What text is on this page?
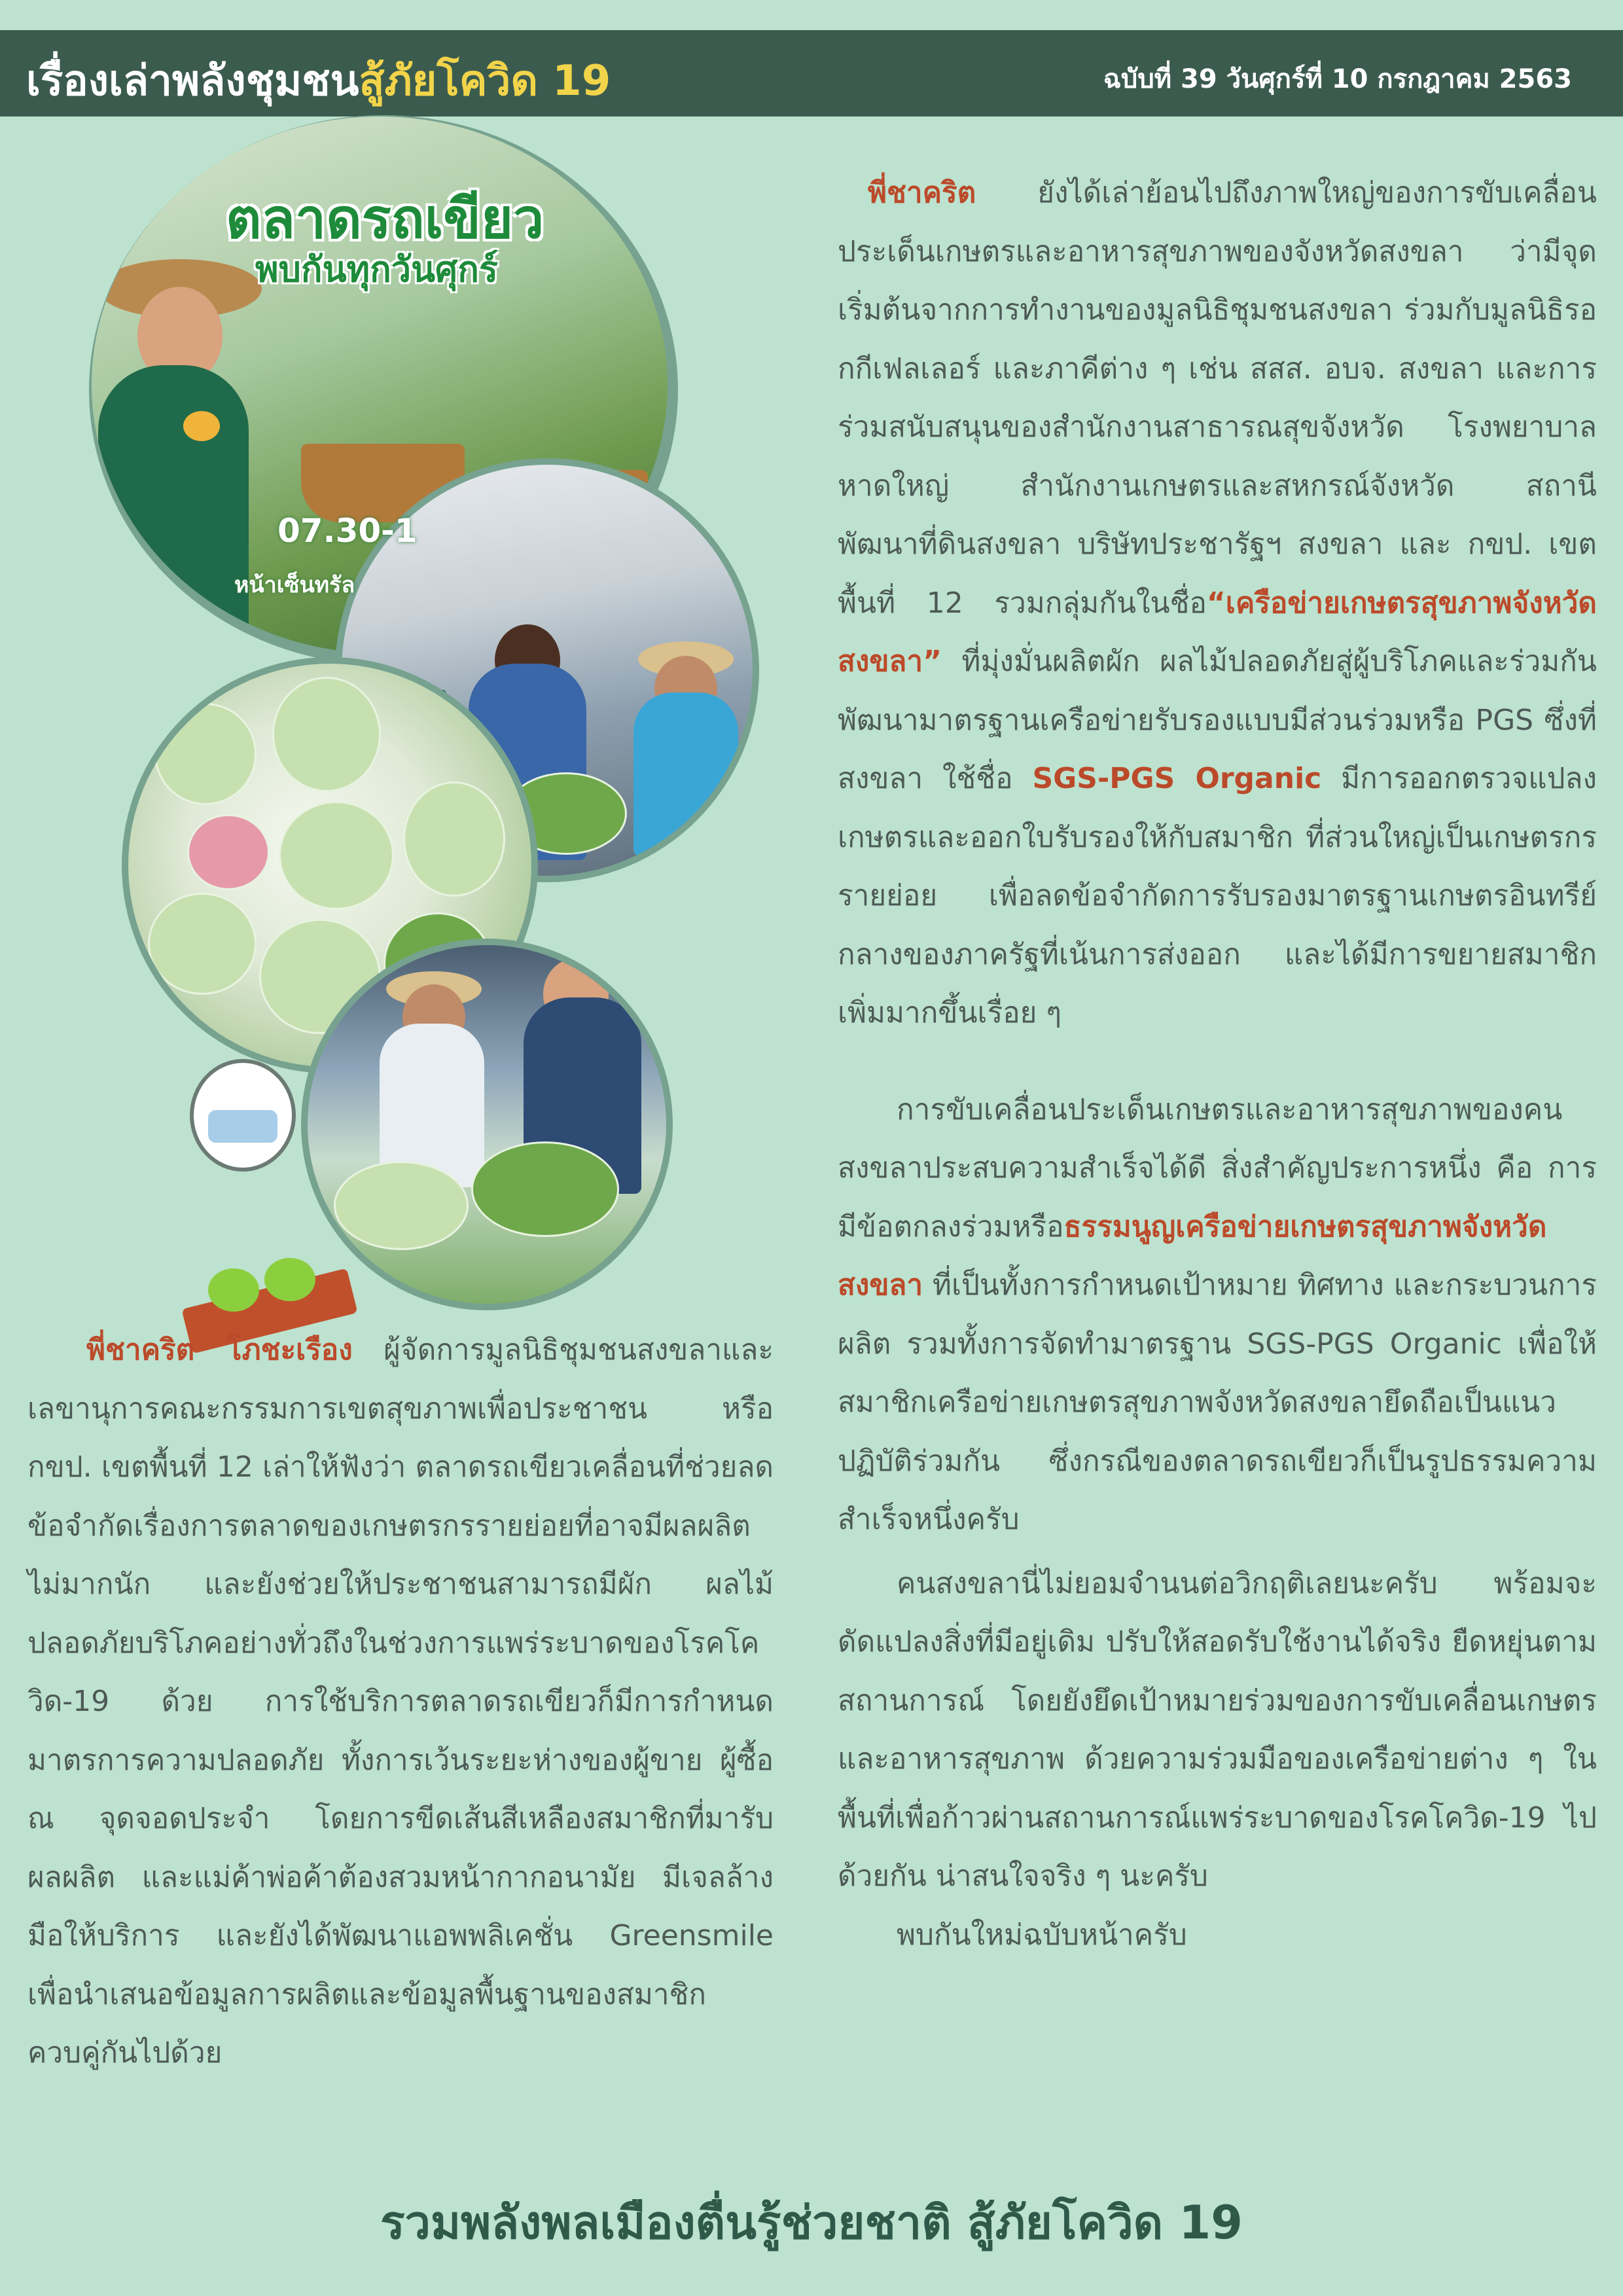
เรื่องเล่าพลังชุมชนสู้ภัยโควิด 19	ฉบับที่ 39 วันศุกร์ที่ 10 กรกฎาคม 2563
ตลาดรถเขียว
พบกันทุกวันศุกร์
07.30-1
หน้าเซ็นทรัล

พี่ชาคริต โภชะเรือง ผู้จัดการมูลนิธิชุมชนสงขลาและเลขานุการคณะกรรมการเขตสุขภาพเพื่อประชาชน หรือ กขป. เขตพื้นที่ 12 เล่าให้ฟังว่า ตลาดรถเขียวเคลื่อนที่ช่วยลดข้อจำกัดเรื่องการตลาดของเกษตรกรรายย่อยที่อาจมีผลผลิตไม่มากนัก และยังช่วยให้ประชาชนสามารถมีผัก ผลไม้ปลอดภัยบริโภคอย่างทั่วถึงในช่วงการแพร่ระบาดของโรคโควิด-19 ด้วย การใช้บริการตลาดรถเขียวก็มีการกำหนดมาตรการความปลอดภัย ทั้งการเว้นระยะห่างของผู้ขาย ผู้ซื้อ ณ จุดจอดประจำ โดยการขีดเส้นสีเหลืองสมาชิกที่มารับผลผลิต และแม่ค้าพ่อค้าต้องสวมหน้ากากอนามัย มีเจลล้างมือให้บริการ และยังได้พัฒนาแอพพลิเคชั่น Greensmile เพื่อนำเสนอข้อมูลการผลิตและข้อมูลพื้นฐานของสมาชิกควบคู่กันไปด้วย

พี่ชาคริต ยังได้เล่าย้อนไปถึงภาพใหญ่ของการขับเคลื่อนประเด็นเกษตรและอาหารสุขภาพของจังหวัดสงขลา ว่ามีจุดเริ่มต้นจากการทำงานของมูลนิธิชุมชนสงขลา ร่วมกับมูลนิธิรอกกีเฟลเลอร์ และภาคีต่าง ๆ เช่น สสส. อบจ. สงขลา และการร่วมสนับสนุนของสำนักงานสาธารณสุขจังหวัด โรงพยาบาลหาดใหญ่ สำนักงานเกษตรและสหกรณ์จังหวัด สถานีพัฒนาที่ดินสงขลา บริษัทประชารัฐฯ สงขลา และ กขป. เขตพื้นที่ 12 รวมกลุ่มกันในชื่อ“เครือข่ายเกษตรสุขภาพจังหวัดสงขลา” ที่มุ่งมั่นผลิตผัก ผลไม้ปลอดภัยสู่ผู้บริโภคและร่วมกันพัฒนามาตรฐานเครือข่ายรับรองแบบมีส่วนร่วมหรือ PGS ซึ่งที่สงขลา ใช้ชื่อ SGS-PGS Organic มีการออกตรวจแปลงเกษตรและออกใบรับรองให้กับสมาชิก ที่ส่วนใหญ่เป็นเกษตรกรรายย่อย เพื่อลดข้อจำกัดการรับรองมาตรฐานเกษตรอินทรีย์กลางของภาครัฐที่เน้นการส่งออก และได้มีการขยายสมาชิกเพิ่มมากขึ้นเรื่อย ๆ

การขับเคลื่อนประเด็นเกษตรและอาหารสุขภาพของคนสงขลาประสบความสำเร็จได้ดี สิ่งสำคัญประการหนึ่ง คือ การมีข้อตกลงร่วมหรือธรรมนูญเครือข่ายเกษตรสุขภาพจังหวัดสงขลา ที่เป็นทั้งการกำหนดเป้าหมาย ทิศทาง และกระบวนการผลิต รวมทั้งการจัดทำมาตรฐาน SGS-PGS Organic เพื่อให้สมาชิกเครือข่ายเกษตรสุขภาพจังหวัดสงขลายึดถือเป็นแนวปฏิบัติร่วมกัน ซึ่งกรณีของตลาดรถเขียวก็เป็นรูปธรรมความสำเร็จหนึ่งครับ

คนสงขลานี่ไม่ยอมจำนนต่อวิกฤติเลยนะครับ พร้อมจะดัดแปลงสิ่งที่มีอยู่เดิม ปรับให้สอดรับใช้งานได้จริง ยืดหยุ่นตามสถานการณ์ โดยยังยึดเป้าหมายร่วมของการขับเคลื่อนเกษตรและอาหารสุขภาพ ด้วยความร่วมมือของเครือข่ายต่าง ๆ ในพื้นที่เพื่อก้าวผ่านสถานการณ์แพร่ระบาดของโรคโควิด-19 ไปด้วยกัน น่าสนใจจริง ๆ นะครับ

พบกันใหม่ฉบับหน้าครับ

รวมพลังพลเมืองตื่นรู้ช่วยชาติ สู้ภัยโควิด 19
